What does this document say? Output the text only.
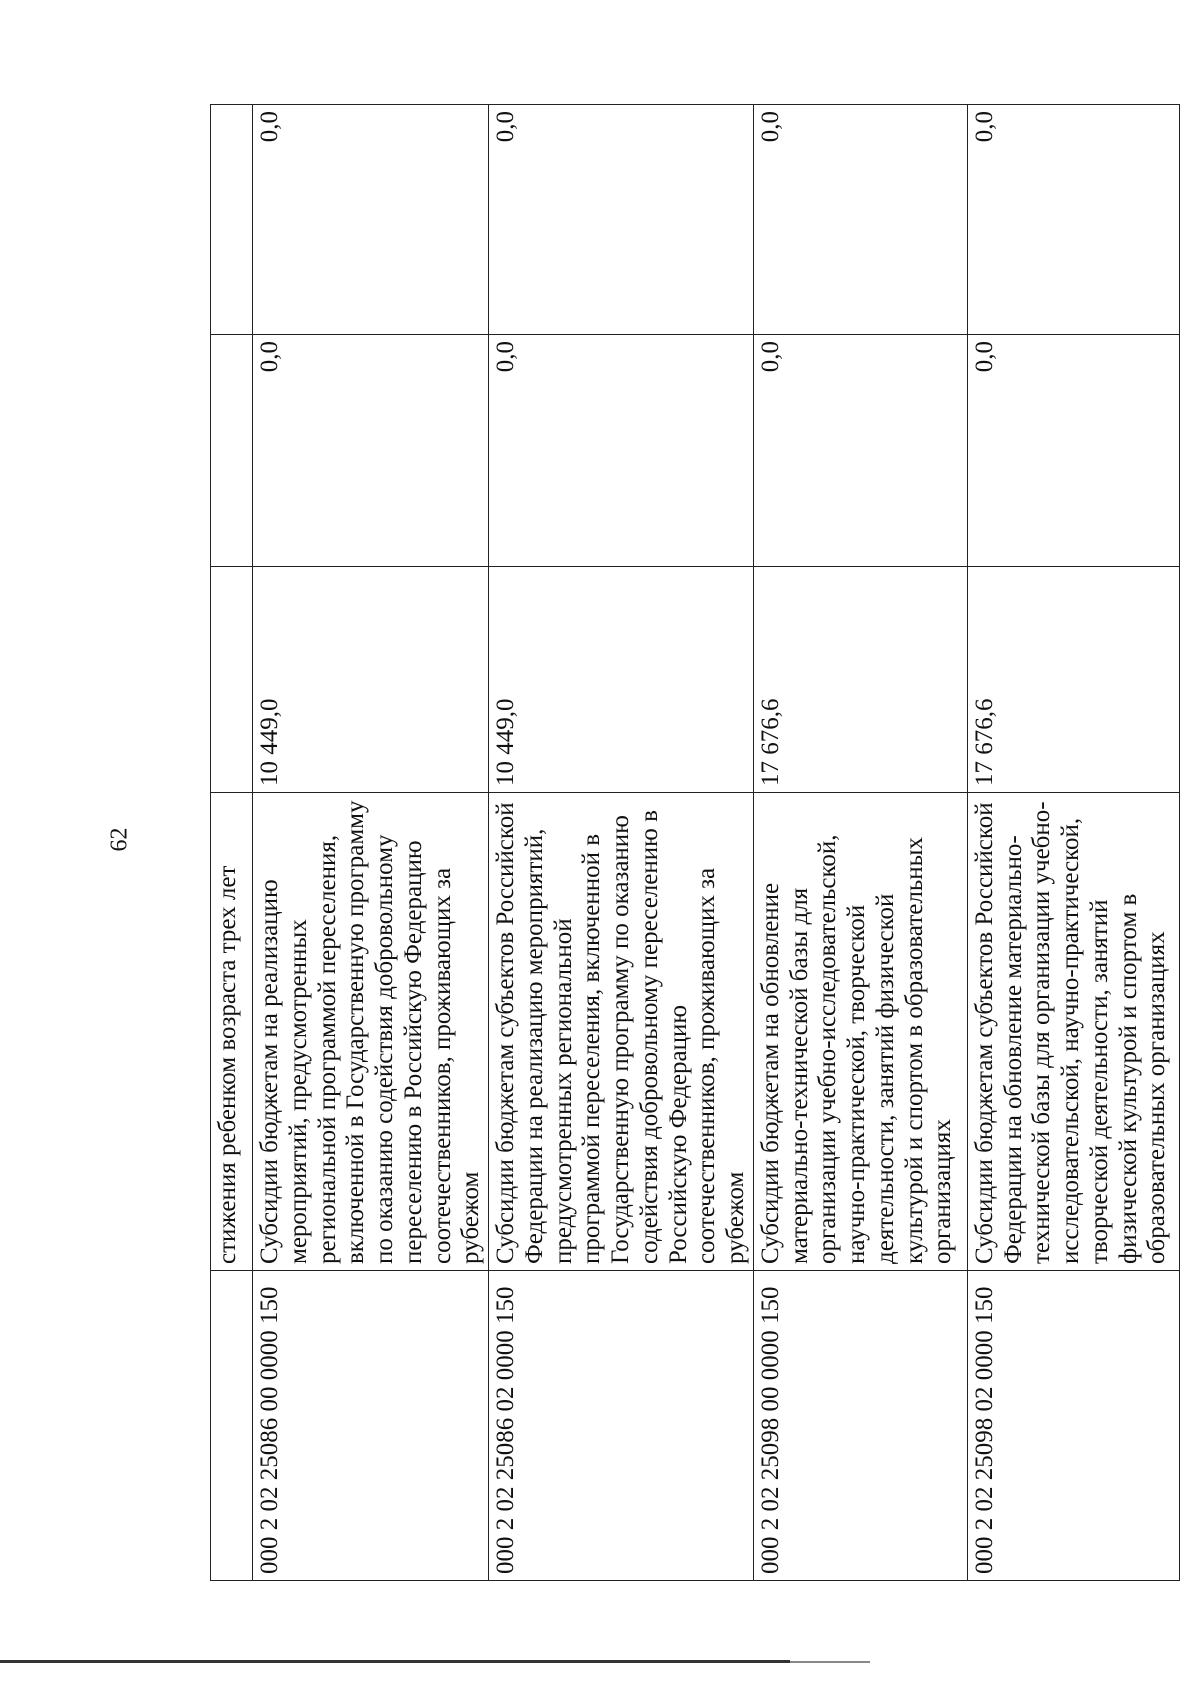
62
	стижения ребенком возраста трех лет			
000 2 02 25086 00 0000 150	Субсидии бюджетам на реализацию мероприятий, предусмотренных региональной программой переселения, включенной в Государственную программу по оказанию содействия добровольному переселению в Российскую Федерацию соотечественников, проживающих за рубежом	10 449,0	0,0	0,0
000 2 02 25086 02 0000 150	Субсидии бюджетам субъектов Российской Федерации на реализацию мероприятий, предусмотренных региональной программой переселения, включенной в Государственную программу по оказанию содействия добровольному переселению в Российскую Федерацию соотечественников, проживающих за рубежом	10 449,0	0,0	0,0
000 2 02 25098 00 0000 150	Субсидии бюджетам на обновление материально-технической базы для организации учебно-исследовательской, научно-практической, творческой деятельности, занятий физической культурой и спортом в образовательных организациях	17 676,6	0,0	0,0
000 2 02 25098 02 0000 150	Субсидии бюджетам субъектов Российской Федерации на обновление материально-технической базы для организации учебно-исследовательской, научно-практической, творческой деятельности, занятий физической культурой и спортом в образовательных организациях	17 676,6	0,0	0,0
